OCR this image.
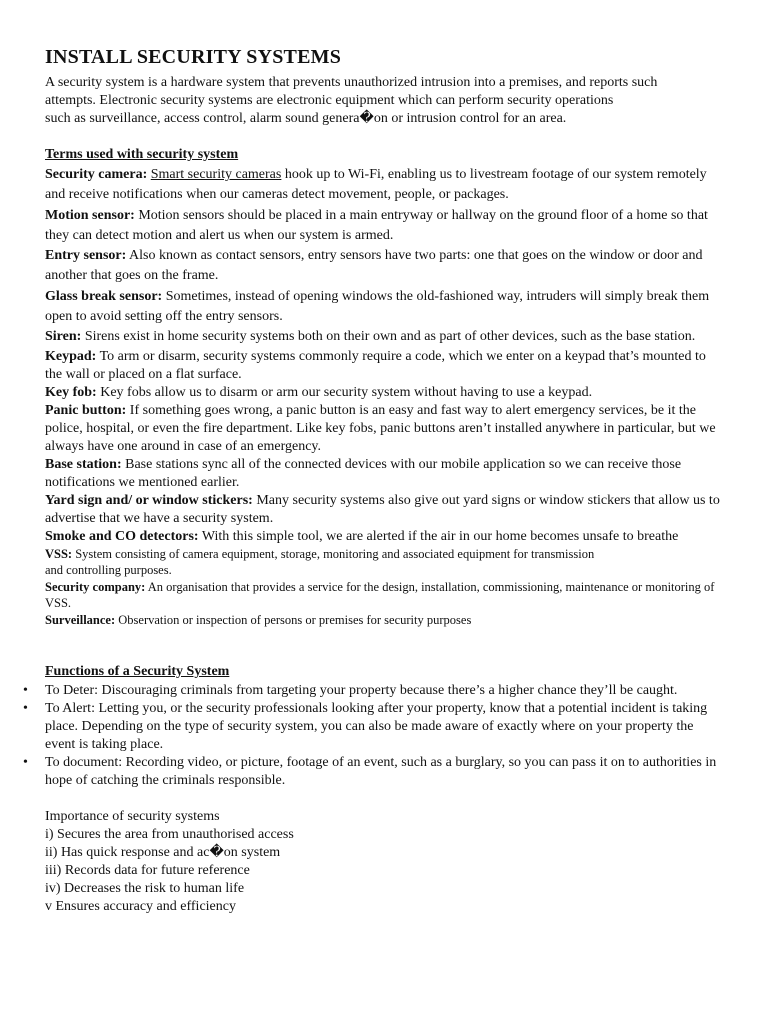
INSTALL SECURITY SYSTEMS
A security system is a hardware system that prevents unauthorized intrusion into a premises, and reports such
attempts. Electronic security systems are electronic equipment which can perform security operations
such as surveillance, access control, alarm sound genera�on or intrusion control for an area.
Terms used with security system

Security camera: Smart security cameras hook up to Wi-Fi, enabling us to livestream footage of our system remotely and receive notifications when our cameras detect movement, people, or packages.

Motion sensor: Motion sensors should be placed in a main entryway or hallway on the ground floor of a home so that they can detect motion and alert us when our system is armed.

Entry sensor: Also known as contact sensors, entry sensors have two parts: one that goes on the window or door and another that goes on the frame.

Glass break sensor: Sometimes, instead of opening windows the old-fashioned way, intruders will simply break them open to avoid setting off the entry sensors.

Siren: Sirens exist in home security systems both on their own and as part of other devices, such as the base station.

Keypad: To arm or disarm, security systems commonly require a code, which we enter on a keypad that’s mounted to the wall or placed on a flat surface.

Key fob: Key fobs allow us to disarm or arm our security system without having to use a keypad.

Panic button: If something goes wrong, a panic button is an easy and fast way to alert emergency services, be it the police, hospital, or even the fire department. Like key fobs, panic buttons aren’t installed anywhere in particular, but we always have one around in case of an emergency.

Base station: Base stations sync all of the connected devices with our mobile application so we can receive those notifications we mentioned earlier.

Yard sign and/ or window stickers: Many security systems also give out yard signs or window stickers that allow us to advertise that we have a security system.

Smoke and CO detectors: With this simple tool, we are alerted if the air in our home becomes unsafe to breathe

VSS: System consisting of camera equipment, storage, monitoring and associated equipment for transmission and controlling purposes.

Security company: An organisation that provides a service for the design, installation, commissioning, maintenance or monitoring of VSS.

Surveillance: Observation or inspection of persons or premises for security purposes

Functions of a Security System
• To Deter: Discouraging criminals from targeting your property because there’s a higher chance they’ll be caught.
• To Alert: Letting you, or the security professionals looking after your property, know that a potential incident is taking place. Depending on the type of security system, you can also be made aware of exactly where on your property the event is taking place.
• To document: Recording video, or picture, footage of an event, such as a burglary, so you can pass it on to authorities in hope of catching the criminals responsible.
Importance of security systems
i) Secures the area from unauthorised access
ii) Has quick response and ac�on system
iii) Records data for future reference
iv) Decreases the risk to human life
v Ensures accuracy and efficiency
